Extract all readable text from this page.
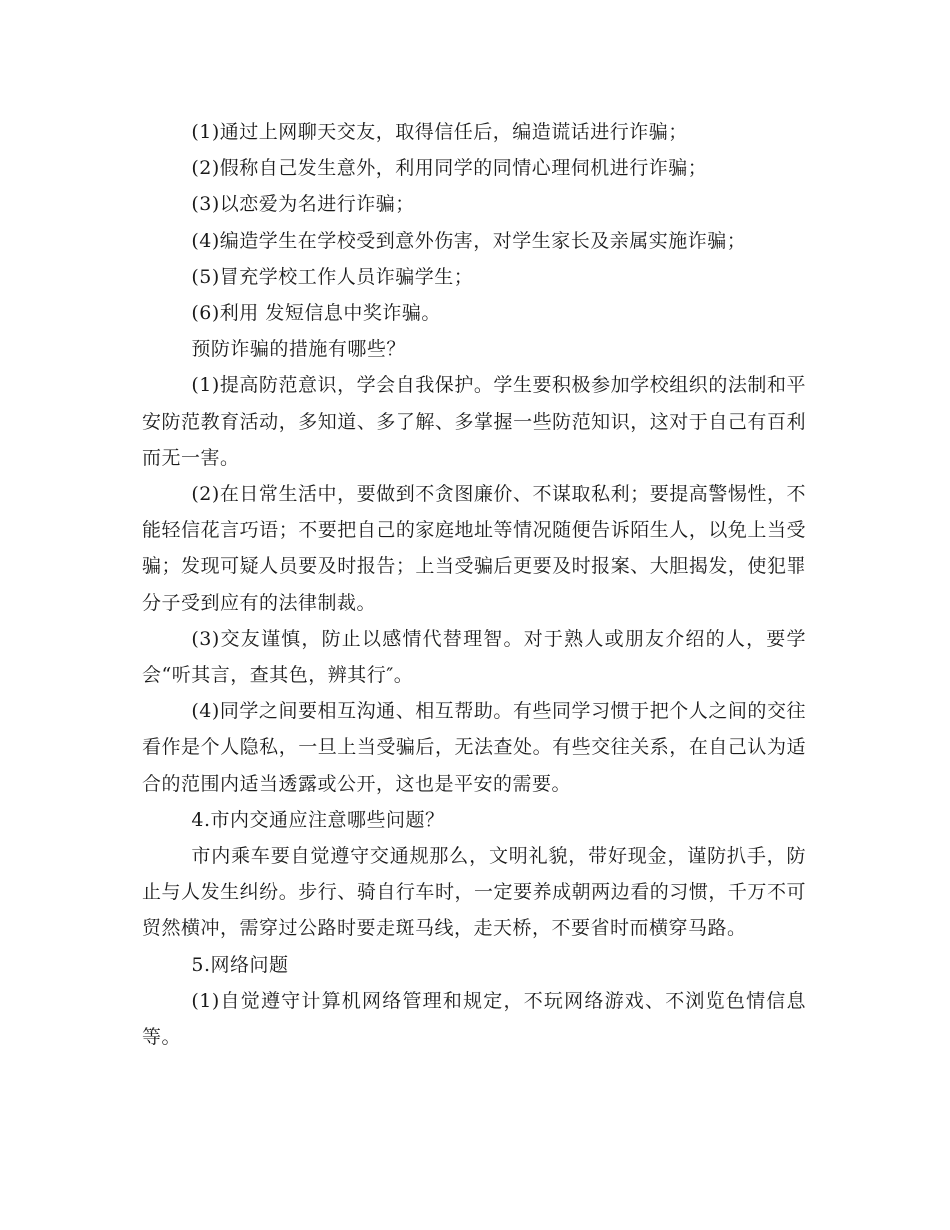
(1)通过上网聊天交友，取得信任后，编造谎话进行诈骗；

(2)假称自己发生意外，利用同学的同情心理伺机进行诈骗；

(3)以恋爱为名进行诈骗；

(4)编造学生在学校受到意外伤害，对学生家长及亲属实施诈骗；

(5)冒充学校工作人员诈骗学生；

(6)利用 发短信息中奖诈骗。

预防诈骗的措施有哪些？

(1)提高防范意识，学会自我保护。学生要积极参加学校组织的法制和平安防范教育活动，多知道、多了解、多掌握一些防范知识，这对于自己有百利而无一害。

(2)在日常生活中，要做到不贪图廉价、不谋取私利；要提高警惕性，不能轻信花言巧语；不要把自己的家庭地址等情况随便告诉陌生人，以免上当受骗；发现可疑人员要及时报告；上当受骗后更要及时报案、大胆揭发，使犯罪分子受到应有的法律制裁。

(3)交友谨慎，防止以感情代替理智。对于熟人或朋友介绍的人，要学会“听其言，查其色，辨其行″。

(4)同学之间要相互沟通、相互帮助。有些同学习惯于把个人之间的交往看作是个人隐私，一旦上当受骗后，无法查处。有些交往关系，在自己认为适合的范围内适当透露或公开，这也是平安的需要。

4.市内交通应注意哪些问题？

市内乘车要自觉遵守交通规那么，文明礼貌，带好现金，谨防扒手，防止与人发生纠纷。步行、骑自行车时，一定要养成朝两边看的习惯，千万不可贸然横冲，需穿过公路时要走斑马线，走天桥，不要省时而横穿马路。

5.网络问题

(1)自觉遵守计算机网络管理和规定，不玩网络游戏、不浏览色情信息等。
